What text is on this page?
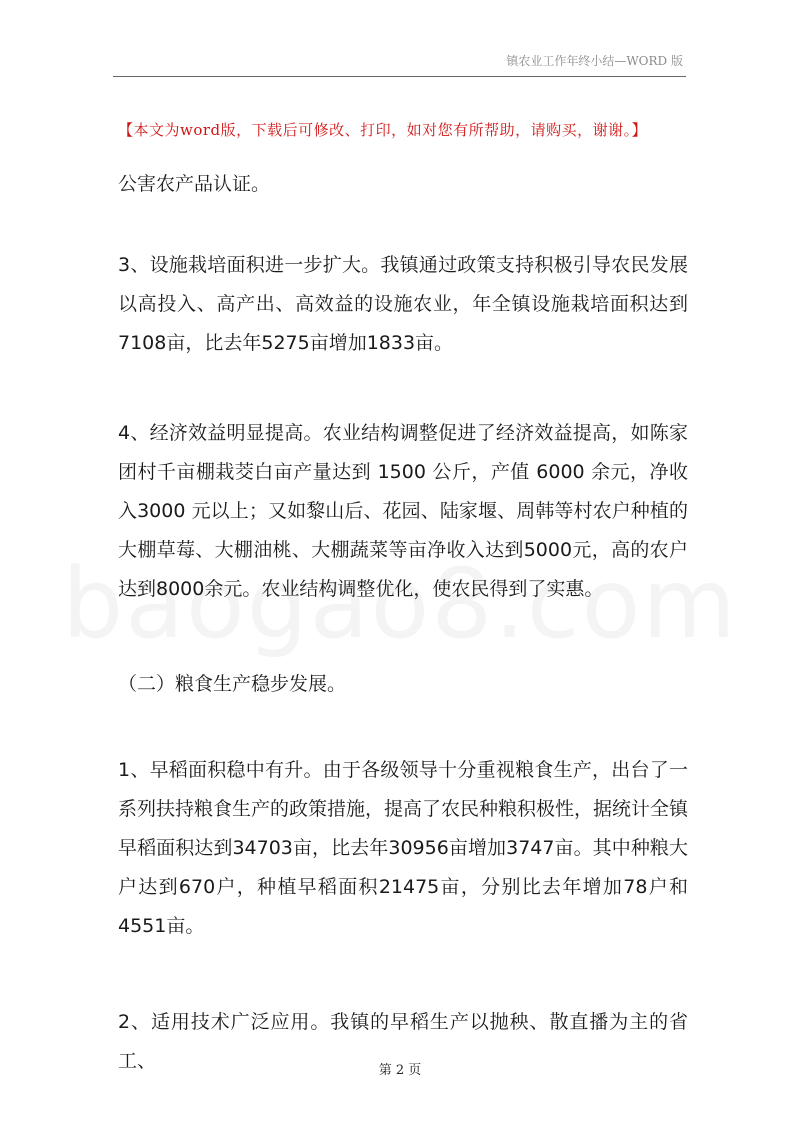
镇农业工作年终小结—WORD 版
【本文为word版，下载后可修改、打印，如对您有所帮助，请购买，谢谢。】

公害农产品认证。

3、设施栽培面积进一步扩大。我镇通过政策支持积极引导农民发展以高投入、高产出、高效益的设施农业，年全镇设施栽培面积达到7108亩，比去年5275亩增加1833亩。

4、经济效益明显提高。农业结构调整促进了经济效益提高，如陈家团村千亩棚栽茭白亩产量达到 1500 公斤，产值 6000 余元，净收入3000 元以上；又如黎山后、花园、陆家堰、周韩等村农户种植的大棚草莓、大棚油桃、大棚蔬菜等亩净收入达到5000元，高的农户达到8000余元。农业结构调整优化，使农民得到了实惠。

（二）粮食生产稳步发展。

1、早稻面积稳中有升。由于各级领导十分重视粮食生产，出台了一系列扶持粮食生产的政策措施，提高了农民种粮积极性，据统计全镇早稻面积达到34703亩，比去年30956亩增加3747亩。其中种粮大户达到670户，种植早稻面积21475亩，分别比去年增加78户和4551亩。

2、适用技术广泛应用。我镇的早稻生产以抛秧、散直播为主的省工、	第 2 页
